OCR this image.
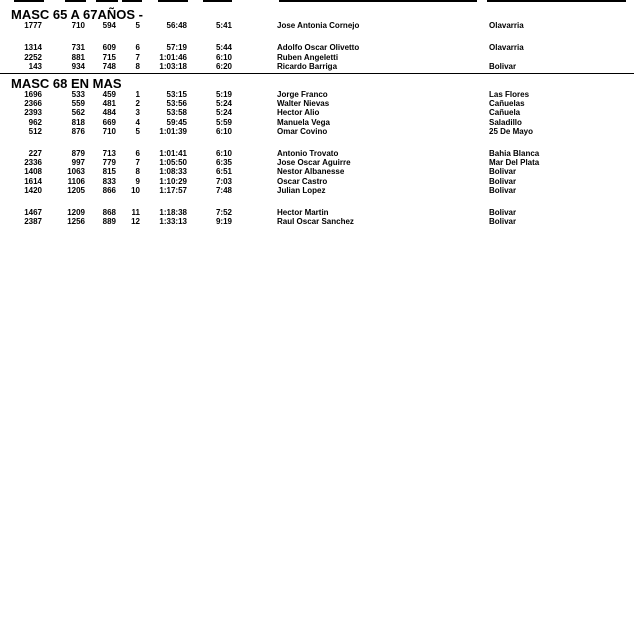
MASC 65 A 67AÑOS -
1777	710 594 5	56:48	5:41	Jose Antonia Cornejo	Olavarria
1314	731 609 6	57:19	5:44	Adolfo Oscar Olivetto	Olavarria
2252	881 715 7 1:01:46	6:10	Ruben Angeletti
143	934 748 8 1:03:18	6:20	Ricardo Barriga	Bolivar
MASC 68 EN MAS
1696	533 459 1	53:15	5:19	Jorge Franco	Las Flores
2366	559 481 2	53:56	5:24	Walter Nievas	Cañuelas
2393	562 484 3	53:58	5:24	Hector Alio	Cañuela
962	818 669 4	59:45	5:59	Manuela Vega	Saladillo
512	876 710 5 1:01:39	6:10	Omar Covino	25 De Mayo
227	879 713 6 1:01:41	6:10	Antonio Trovato	Bahia Blanca
2336	997 779 7 1:05:50	6:35	Jose Oscar Aguirre	Mar Del Plata
1408	1063 815 8 1:08:33	6:51	Nestor Albanesse	Bolivar
1614	1106 833 9 1:10:29	7:03	Oscar Castro	Bolivar
1420	1205 866 10 1:17:57	7:48	Julian Lopez	Bolivar
1467	1209 868 11 1:18:38	7:52	Hector Martin	Bolivar
2387	1256 889 12 1:33:13	9:19	Raul Oscar Sanchez	Bolivar
